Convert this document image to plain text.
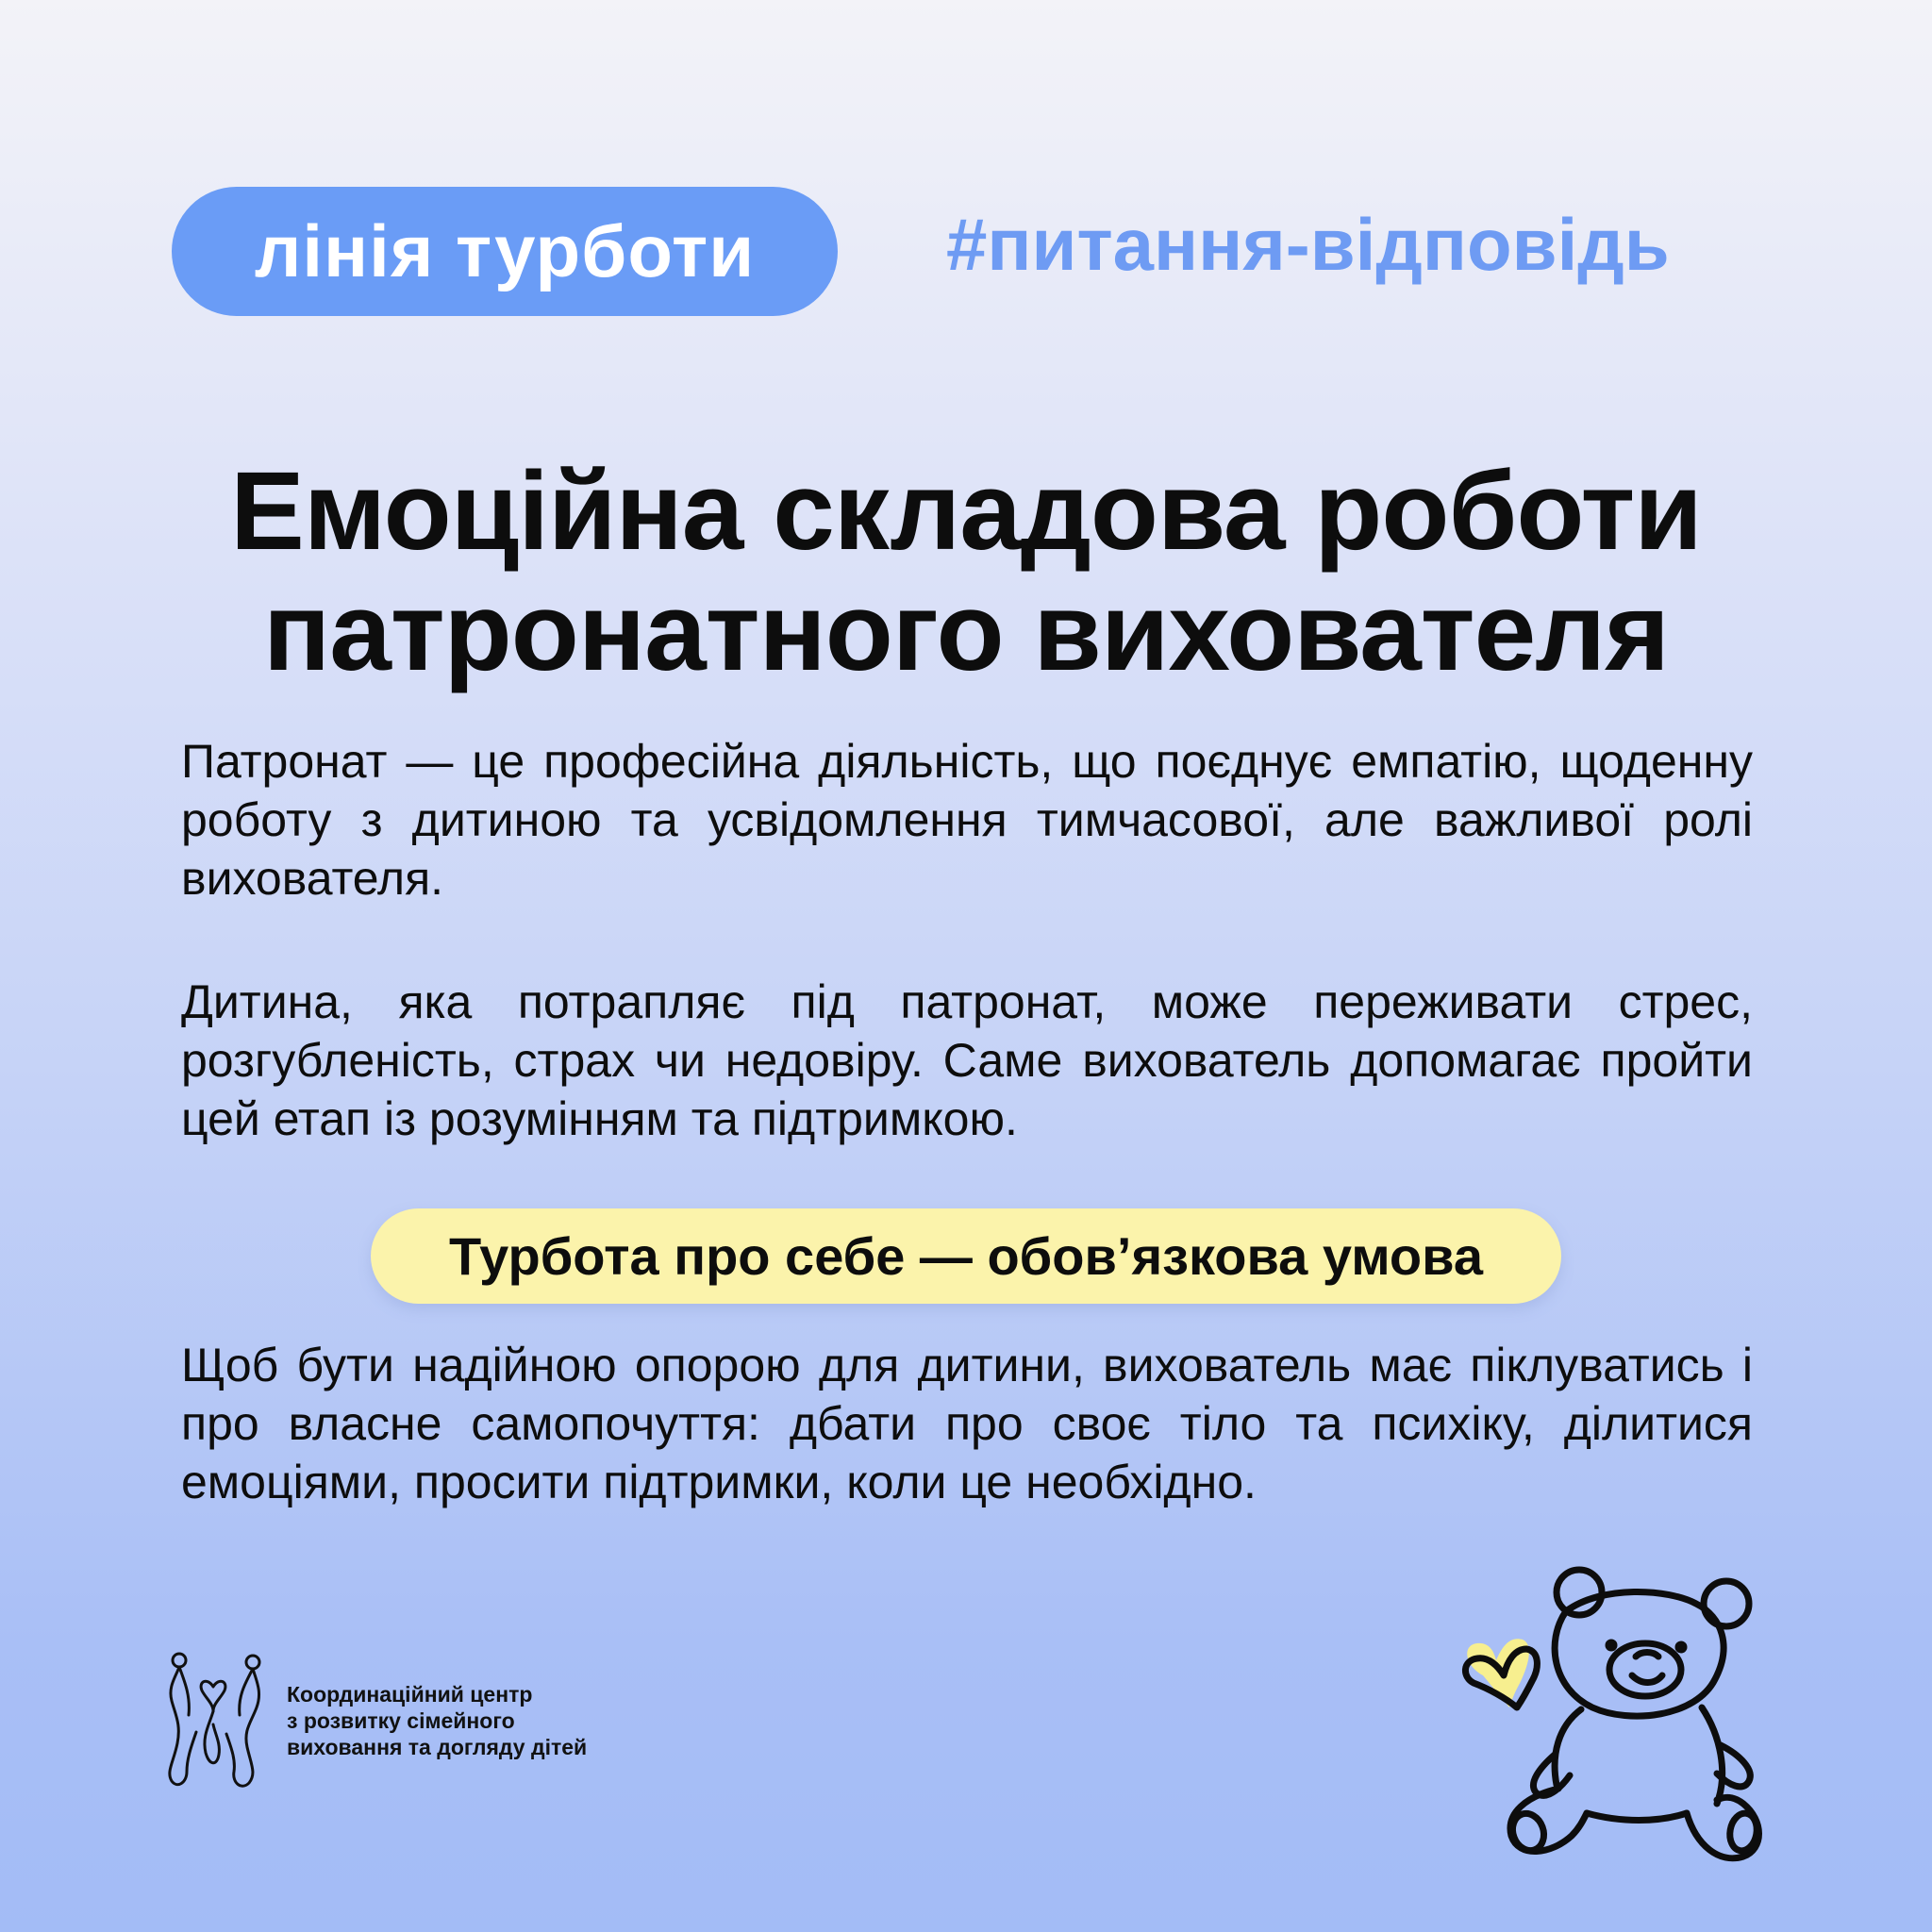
лінія турботи	#питання-відповідь
Емоційна складова роботи
патронатного вихователя
Патронат — це професійна діяльність, що поєднує емпатію, щоденну роботу з дитиною та усвідомлення тимчасової, але важливої ролі вихователя.
Дитина, яка потрапляє під патронат, може переживати стрес, розгубленість, страх чи недовіру. Саме вихователь допомагає пройти цей етап із розумінням та підтримкою.
Турбота про себе — обов’язкова умова
Щоб бути надійною опорою для дитини, вихователь має піклуватись і про власне самопочуття: дбати про своє тіло та психіку, ділитися емоціями, просити підтримки, коли це необхідно.
Координаційний центр
з розвитку сімейного
виховання та догляду дітей
